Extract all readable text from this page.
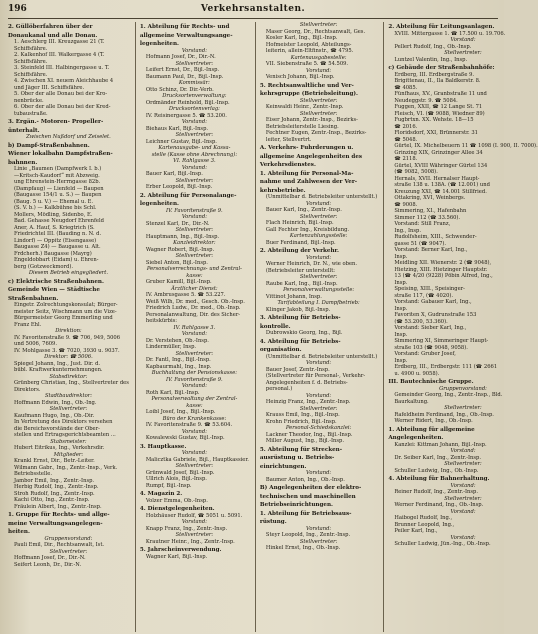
196	Verkehrsanstalten.

2. Güllöberfahren über der

Donaukanal und alle Donau.

1. Aeschlerg III. Kreuzgasse 21 (T.

Schiffsfähre.

2. Kalkenhof III. Walkergasse 4 (T.

Schiffsfähre.

3. Steinfeld III. Halbingergasse u. T.

Schiffsfähre.

4. Zwischen XI. neuem Aleichhaube 4

und Jäger III. Schiffsfähre.

5. Ober der alle Donau bei der Kro-

nenbrücke.

6. Ober der alle Donau bei der Kred-

tubaustraße.

3. Ergän.- Motoren- Propeller-

ünterhalt.

Zwischen Nußdorf und Zeiselet.

b) Dampf-Straßenbahnen.

Wiener lokalbahn Dampfstraßen-

bahnnen.

Linie „Baumen (Dampfwerk I. b.)

—Kritsch-Kaudorf“ mit Abzweig.

ung Ehrenstein-Herrngasse 82b.

(Dampfaug) — Lienfeld — Baupen

(Baugasse 154/1 u. S.) — Baupen

(Baug. 5 u. V.) — Ehemal u. E.

(S. V. b.) — Kalkbühne bis Schl.

Mollers, Mödling, Sidenbo, E.

Bad. Gehasse Neugdorf Ehrenfeld

Aner, A. Hauf, S. Kriegtrich (S.

Friedrichtel III. (Bauding n. N. d.

Lindorf) — Oppitz (Eisengasse)

Baugasse Z4) — Baugasse u. Alt.

Frdcherh.) Baugasse (Mayrg)

Engeldobbart (Eidam) u. Ehren-

berg (Gotzweckmord).

Diesem Betrieb eingegliedert.

c) Elektrische Straßenbahnen.

Gemeinde Wien — Städtische

Straßenbahnen.

Eingetr. Zolrechtungskonsulat; Bürger-

meister Seitz, Wischmann um die Vize-

Bürgermeister Georg Emmerling und

Franz Ehl.

Direktion:

IV. Favoritenstraße 9. ☎ 706, 949, 5006

und 5006, 7609.

IV. Mohlgasse 3. ☎ 7020, 3930 u. 9037.

Direktor: ☎ 5006.

Spiegel Johann, Ing., Just. Dir. d.

bübl. Kraftwerkunternehmungen.

Stabsdirektor:

Grünberg Christian, Ing., Stellvertreter des

Direktors.

Stadtbaudirektor:

Hoffmann Edwin, Ing., Ob.-Ing.

Stellvertreter:

Kaufmann Hugo, Ing., Ob.-Dir.

In Vertretung des Direktors versehen

die Bereichsvorstände der Ober-

stellen und Ertragsgerichtsbeamten ...

Stabsmeister:

Hubert Eitrikus, Ing., Verkehrsdir.

Mitglieder:

Krankl Ernst, Dir., Betr.-Leiter.

Wilmann Gabr., Ing., Zentr.-Insp., Verk.

Betriebsstelle.

Jambor Emil, Ing., Zentr.-Insp.

Herbig Rudolf, Ing., Zentr.-Insp.

Stroh Rudolf, Ing., Zentr.-Insp.

Kachi Otto, Ing., Zentr.-Insp.

Fräulein Albert, Ing., Zentr.-Insp.

1. Gruppe für Rechts- und allge-

meine Verwaltungsangelegen-

heiten.

Gruppenvorstand:

Pauli Emil, Dir., Rechtsanwalt, Ist.

Stellvertreter:

Hoffmann Josef, Dr., Dir.-N.

Seifert Leonh, Dr., Dir.-N.

1. Abteilung für Rechts- und

allgemeine Verwaltungsange-

legenheiten.

Vorstand:

Hofmann Josef, Dr., Dir.-N.

Stellvertreter:

Leifert Ernst, Dr., Bijl.-Insp.

Baumann Paul, Dr., Bijl.-Insp.

Kommissär:

Otto Schinz, Dr. Dir.-Verb.

Drucksortenverwaltung:

Ordmänder Reinhold, Bijl.-Insp.

Drucksortenverlag:

IV. Reisinergasse 5. ☎ 53.200.

Vorstand:

Biehaus Karl, Bijl.-Insp.

Stellvertreter:

Leichner Gustav, Bijl.-Insp.

Kartenausgabe- und Kassa-

stelle (Kasse ohne Abrechnung):

VI. Rahlgasse 3.

Vorstand:

Bauer Karl, Bijl.-Insp.

Stellvertreter:

Erber Leopold, Bijl.-Insp.

2. Abteilung für Personalange-

legenheiten.

IV. Favoritenstraße 9.

Vorstand:

Stenzel Karl, Dr., Dir.-N.

Stellvertreter:

Hauptmann, Ing., Bijl.-Insp.

Kanzleidirektor:

Wagner Robert, Bijl.-Insp.

Stellvertreter:

Siebel Anton, Bijl.-Insp.

Personalverrechnungs- und Zentral-

kasse:

Gruber Kamill, Bijl.-Insp.

Ärztlicher Dienst:

IV. Ambrusgasse 5. ☎ 53.227.

Weiß Wilh, Dr. med., Gesch. Ob.-Insp.

Friedrich Ludw., Dr. med., Ob.-Insp.

Personalanwaltung, Dir. des Sicher-

heitskürbis:

IV. Rahlgasse 3.

Vorstand:

Dr. Verstehen, Ob.-Insp.

Lindermüller, Insp.

Stellvertreter:

Dr. Fantl, Ing., Bijl.-Insp.

Kapbaurmahl, Ing., Insp.

Buchhaltung der Pensionskasse:

IV. Favoritenstraße 9.

Vorstand:

Roth Karl, Bijl.-Insp.

Personalverwaltung der Zentral-

kasse:

Loibl Josef, Ing., Bijl.-Insp.

Büro der Krankenkasse:

IV. Favoritenstraße 9. ☎ 53.604.

Vorstand:

Kowalewski Gustav, Bijl.-Insp.

3. Hauptkasse.

Vorstand:

Malicztka Gabriele, Bijl., Hauptkassier.

Stellvertreter:

Grünwald Josef, Bijl.-Insp.

Ullrich Alois, Bijl.-Insp.

Rumpf, Bijl.-Insp.

4. Magazin 2.

Volzer Emma, Ob.-Insp.

4. Dienstgelegenheiten.

Holzhäuser Rudolf, ☎ 5051 u. 5091.

Vorstand:

Knapp Franz, Ing., Zentr.-Insp.

Stellvertreter:

Krautner Heinr., Ing., Zentr.-Insp.

5. Jahrscheinverwendung.

Wagner Karl, Bijl.-Insp.

Stellvertreter:

Maser Georg, Dr., Rechtsanwalt, Ges.

Kosler Karl, Ing., Bijl.-Insp.

Hofmeister Leopold, Abteilungs-

leiterin, allein-Eltfinstr., ☎ 4795.

Kartenausgabestelle:

VII. Siebenstraße 5. ☎ 54.509.

Vorstand:

Venisch Johann, Bijl.-Insp.

5. Rechtsanwaltliche und Ver-

kehrsgruppe (Betriebsleitung).

Stellvertreter:

Keinwaldi Heinr., Zentr.-Insp.

Stellvertreter:

Eiser Johann, Zentr.-Insp., Bezirks-

Betriebsleiterstelle Liesing.

Fechtner Eugen, Zentr.-Insp., Bezirks-

leiter, Stellvertrt.

A. Verkehrs- Fuhrderungen u.

allgemeine Angelegenheiten des

Verkehrsdienstes.

1. Abteilung für Personal-Ma-

nahme und Zahlwesen der Ver-

kehrsbetriebe.

(Unmittelbar d. Betriebsleiter unterstellt.)

Vorstand:

Bauer Karl, Ing., Zentr.-Insp.

Stellvertreter:

Flach Heinrich, Bijl.-Insp.

Gall Fechter Ing., Kreisbildung.

Kartenzahlungsstelle:

Buer Ferdinand, Bijl.-Insp.

2. Abteilung der Verkehr.

Vorstand:

Werner Heinrich, Dr. N., wie oben.

(Betriebsleiter unterstellt:

Stellvertreter:

Raube Karl, Ing., Bijl.-Insp.

Personalverwaltungsstelle:

Vittinot Johann, Insp.

Tarifabteilung I. Dampfbetrieb:

Klinger Jakob, Bijl.-Insp.

3. Abteilung für Betriebs-

kontrolle.

Dubrowskio Georg, Ing., Bijl.

4. Abteilung für Betriebs-

organisation.

(Unmittelbar d. Betriebsleiter unterstellt.)

Vorstand:

Bauer Josef, Zentr.-Insp.

(Stellvertreter für Personal-, Verkehr-

Angelegenheiten f. d. Betriebs-

personal.)

Vorstand:

Heinzig Franz, Ing., Zentr.-Insp.

Stellvertreter:

Krauss Emil, Ing., Bijl.-Insp.

Krohn Friedrich, Bijl.-Insp.

Personal-Schiedskanzlei:

Lackner Theodor, Ing., Bijl.-Insp.

Miller August, Ing., Bijl.-Insp.

5. Abteilung für Strecken-

ausrüstung u. Betriebs-

einrichtungen.

Vorstand:

Baumer Anton, Ing., Ob.-Insp.

B) Angelegenheiten der elektro-

technischen und maschinellen

Betriebseinrichtungen.

1. Abteilung für Betriebsaus-

rüstung.

Vorstand:

Steyr Leopold, Ing., Zentr.-Insp.

Stellvertreter:

Hinkel Ernst, Ing., Ob.-Insp.

2. Abteilung für Leitungsanlagen.

XVIII. Mittergasse 1. ☎ 17.500 u. 19.706.

Vorstand:

Pellert Rudolf, Ing., Ob.-Insp.

Stellvertreter:

Luntzel Valentin, Ing., Insp.

c) Gebäude der Straßenbahnhöfe:

Erdberg, III. Erdbergstraße 9.

Brigittenau, II., Ila Baldkerstr. 8.

☎ 4085.

Fünfhaus, XV., Granbstraße 11 und

Neudeggstr. 9. ☎ 5084.

Fuggen, XXII, ☎ 12 Lange St. 71

Fleisch, VI. (☎ 9088, Wiedner 89)

Fugbrtxn. XX. Wehste. 18—15

☎ 2016.

Floridsdorf, XXI, Brünnerstr. 31

☎ 5048.

Gürtel, IX. Michelbeuern 11 ☎ 1098 (I. 900, II. 7000).

Grinzing XIX, Grinzinger Allee 34

☎ 2118.

Gürtel, XVIII Währinger Gürtel 134

(☎ 9082, 5008).

Hernals, XVII. Hernalser Haupt-

straße 138 u. 138A. (☎ 12.001) und

Kreuzung XXI, ☎ 14.001 Stillfried.

Ottakring, XVI, Weinbergs.

☎ 9008.

Simmering, XI., Hafenbahn

Simmer 112 (☎ 33.560).

Vorstand: Still Franz,

Ing., Insp.

Rudolfsheim, XIII., Schwender-

gasse 51 (☎ 9047).

Vorstand: Berner Karl, Ing.,

Insp.

Meidling XII. Wienerstr. 2 (☎ 9048),

Hietzing, XIII. Hietzinger Hauptstr.

13 (☎ 4/20 (9228) Pöbin Alfred, Ing.,

Insp.

Speising, XIII., Speisinger-

straße 117, (☎ 4020).

Vorstand: Gabauer Karl, Ing.,

Insp.

Favoriten X, Gudrunstraße 153

(☎ 53.200, 53.360).

Vorstand: Sieber Karl, Ing.,

Insp.

Simmering XI, Simmeringer Haupt-

straße 103 (☎ 9048, 9058).

Vorstand: Gruber Josef,

Insp.

Erdberg, III., Erdbergstr. 111 (☎ 2661

u. 4900 u. 9058).

III. Bautechnische Gruppe.

Gruppenvorstand:

Gemeinder Georg, Ing., Zentr.-Insp., Bld.

Baurkaltung.

Stellvertreter:

Rafeldheim Ferdinand, Ing., Ob.-Insp.

Werner Ridert, Ing., Ob.-Insp.

1. Abteilung für allgemeine

Angelegenheiten.

Kanzlei: Kittman Johann, Bijl.-Insp.

Vorstand:

Dr. Seiber Karl, Ing., Zentr.-Insp.

Stellvertreter:

Schuller Ludwig, Ing., Ob.-Insp.

4. Abteilung für Bahnerhaltung.

Vorstand:

Reiner Rudolf, Ing., Zentr.-Insp.

Stellvertreter:

Werner Ferdinand, Ing., Ob.-Insp.

Vorstand:

Haibogel Rudolf, Ing.,

Brunner Leopold, Ing.,

Peiler Karl, Ing.,

Vorstand:

Schuller Ludwig, Jün.-Ing., Ob.-Insp.
